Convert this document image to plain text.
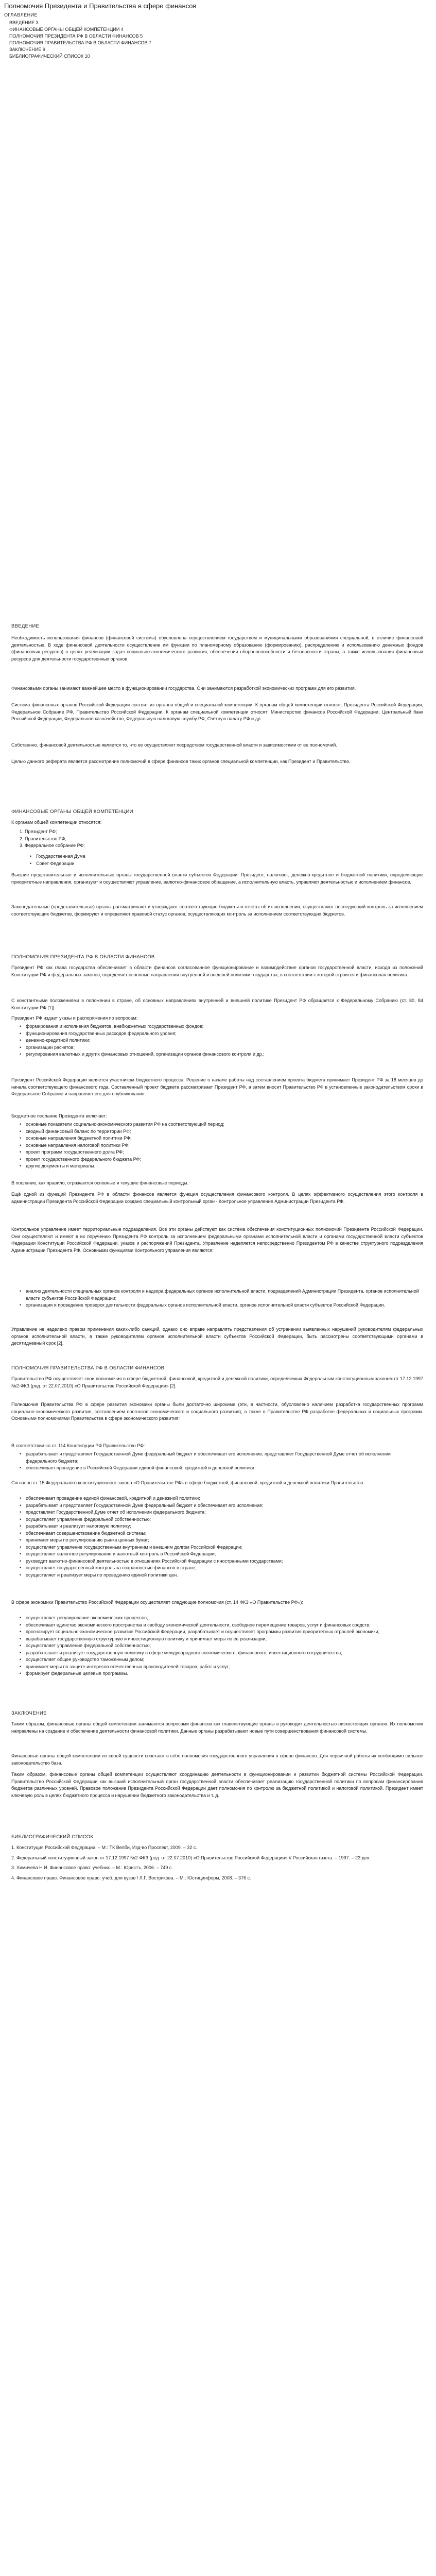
Полномочия Президента и Правительства в сфере финансов
ОГЛАВЛЕНИЕ
ВВЕДЕНИЕ 3
ФИНАНСОВЫЕ ОРГАНЫ ОБЩЕЙ КОМПЕТЕНЦИИ 4
ПОЛНОМОЧИЯ ПРЕЗИДЕНТА РФ В ОБЛАСТИ ФИНАНСОВ 5
ПОЛНОМОЧИЯ ПРАВИТЕЛЬСТВА РФ В ОБЛАСТИ ФИНАНСОВ 7
ЗАКЛЮЧЕНИЕ 9
БИБЛИОГРАФИЧЕСКИЙ СПИСОК 10
ВВЕДЕНИЕ
Необходимость использования финансов (финансовой системы) обусловлена осуществлением государством и муниципальными образованиями специальной, в отличие финансовой деятельностью. В ходе финансовой деятельности осуществление им функции по планомерному образованию (формированию), распределению и использованию денежных фондов (финансовых ресурсов) в целях реализации задач социально-экономического развития, обеспечения обороноспособности и безопасности страны, а также использования финансовых ресурсов для деятельности государственных органов.
Финансовыми органы занимают важнейшее место в функционировании государства. Они занимаются разработкой экономических программ для его развития.
Система финансовых органов Российской Федерации состоит из органов общей и специальной компетенции. К органам общей компетенции относят: Президента Российской Федерации, Федеральное Собрание РФ, Правительство Российской Федерации. К органам специальной компетенции относят: Министерство финансов Российской Федерации, Центральный банк Российской Федерации, Федеральное казначейство, Федеральную налоговую службу РФ, Счётную палату РФ и др.
Собственно, финансовой деятельностью является то, что ее осуществляют посредством государственной власти и зависимостями от ее полномочий.
Целью данного реферата является рассмотрение полномочий в сфере финансов таких органов специальной компетенции, как Президент и Правительство.
ФИНАНСОВЫЕ ОРГАНЫ ОБЩЕЙ КОМПЕТЕНЦИИ
К органам общей компетенции относятся:
1. Президент РФ;
2. Правительство РФ;
3. Федеральное собрание РФ;
• Государственная Дума
• Совет Федерации
Высшие представительные и исполнительные органы государственной власти субъектов Федерации. Президент, налогово-, денежно-кредитное и бюджетной политики, определяющие приоритетные направления, организуют и осуществляют управление, валютно-финансовое обращение, а исполнительную власть, управляют деятельностью и исполнением финансов.
Законодательные (представительные) органы рассматривают и утверждают соответствующие бюджеты и отчеты об их исполнении, осуществляют последующий контроль за исполнением соответствующих бюджетов, формируют и определяют правовой статус органов, осуществляющих контроль за исполнением соответствующих бюджетов.
ПОЛНОМОЧИЯ ПРЕЗИДЕНТА РФ В ОБЛАСТИ ФИНАНСОВ
Президент РФ как глава государства обеспечивает в области финансов согласованное функционирование и взаимодействие органов государственной власти, исходя из положений Конституции РФ и федеральных законов, определяет основные направления внутренней и внешней политики государства, в соответствии с которой строится и финансовая политика.
С константными положениями в положении в стране, об основных направлениях внутренней и внешней политике Президент РФ обращается к Федеральному Собранию (ст. 80, 84 Конституции РФ [1]).
Президент РФ издает указы и распоряжения по вопросам:
• формирования и исполнения бюджетов, внебюджетных государственных фондов;
• функционирования государственных расходов федерального уровня;
• денежно-кредитной политики;
• организации расчетов;
• регулирования валютных и других финансовых отношений, организации органов финансового контроля и др.;
Президент Российской Федерации является участником бюджетного процесса. Решение о начале работы над составлением проекта бюджета принимает Президент РФ за 18 месяцев до начала соответствующего финансового года. Составленный проект бюджета рассматривает Президент РФ, а затем вносит Правительство РФ в установленные законодательством сроки в Федеральное Собрание и направляет его для опубликования.
Бюджетное послание Президента включает:
• основные показатели социально-экономического развития РФ на соответствующий период;
• сводный финансовый баланс по территории РФ;
• основные направления бюджетной политики РФ;
• основные направления налоговой политики РФ;
• проект программ государственного долга РФ;
• проект государственного федерального бюджета РФ;
• другие документы и материалы.
В послание, как правило, отражаются основные и текущие финансовые периоды.
Ещё одной из функций Президента РФ в области финансов является функция осуществления финансового контроля. В целях эффективного осуществления этого контроля в администрации Президента Российской Федерации создано специальный контрольный орган - Контрольное управление Администрации Президента РФ.
Контрольное управление имеет территориальные подразделения. Все эти органы действуют как система обеспечения конституционных полномочий Президента Российской Федерации. Они осуществляют и имеют в их поручению Президента РФ контроль за исполнением федеральными органами исполнительной власти и органами государственной власти субъектов Федерации Конституции Российской Федерации, указов и распоряжений Президента. Управление наделяется непосредственно Президентом РФ в качестве структурного подразделения Администрации Президента РФ. Основными функциями Контрольного управления являются:
• анализ деятельности специальных органов контроля и надзора федеральных органов исполнительной власти, подразделений Администрации Президента, органов исполнительной власти субъектов Российской Федерации;
• организация и проведение проверок деятельности федеральных органов исполнительной власти, органов исполнительной власти субъектов Российской Федерации.
Управление не наделено правом применения каких-либо санкций, однако оно вправе направлять представления об устранении выявленных нарушений руководителям федеральных органов исполнительной власти, а также руководителям органов исполнительной власти субъектов Российской Федерации, быть рассмотрены соответствующими органами в десятидневный срок [2].
ПОЛНОМОЧИЯ ПРАВИТЕЛЬСТВА РФ В ОБЛАСТИ ФИНАНСОВ
Правительство РФ осуществляет свои полномочия в сфере бюджетной, финансовой, кредитной и денежной политики, определяемых Федеральным конституционным законом от 17.12.1997 №2-ФКЗ (ред. от 22.07.2010) «О Правительстве Российской Федерации» [2].
Полномочия Правительства РФ в сфере развития экономики органы были достаточно широкими (эти, в частности, обусловлено наличием разработка государственных программ социально-экономического развития, составлением прогнозов экономического и социального развития), а также в Правительстве РФ разработке федеральных и социальных программ. Основными полномочиями Правительства в сфере экономического развития:
В соответствии со ст. 114 Конституции РФ Правительство РФ:
• разрабатывает и представляет Государственной Думе федеральный бюджет и обеспечивает его исполнение; представляет Государственной Думе отчет об исполнении федерального бюджета;
• обеспечивает проведение в Российской Федерации единой финансовой, кредитной и денежной политики.
Согласно ст. 15 Федерального конституционного закона «О Правительстве РФ» в сфере бюджетной, финансовой, кредитной и денежной политики Правительство:
• обеспечивает проведение единой финансовой, кредитной и денежной политики;
• разрабатывает и представляет Государственной Думе федеральный бюджет и обеспечивает его исполнение;
• представляет Государственной Думе отчет об исполнении федерального бюджета;
• осуществляет управление федеральной собственностью;
• разрабатывает и реализует налоговую политику;
• обеспечивает совершенствование бюджетной системы;
• принимает меры по регулированию рынка ценных бумаг;
• осуществляет управление государственным внутренним и внешним долгом Российской Федерации;
• осуществляет валютное регулирование и валютный контроль в Российской Федерации;
• руководит валютно-финансовой деятельностью в отношениях Российской Федерации с иностранными государствами;
• осуществляет государственный контроль за сохранностью финансов в стране;
• осуществляет и реализует меры по проведению единой политики цен.
В сфере экономики Правительство Российской Федерации осуществляет следующие полномочия (ст. 14 ФКЗ «О Правительстве РФ»):
• осуществляет регулирование экономических процессов;
• обеспечивает единство экономического пространства и свободу экономической деятельности, свободное перемещение товаров, услуг и финансовых средств;
• прогнозирует социально-экономическое развитие Российской Федерации, разрабатывает и осуществляет программы развития приоритетных отраслей экономики;
• вырабатывает государственную структурную и инвестиционную политику и принимает меры по ее реализации;
• осуществляет управление федеральной собственностью;
• разрабатывает и реализует государственную политику в сфере международного экономического, финансового, инвестиционного сотрудничества;
• осуществляет общее руководство таможенным делом;
• принимает меры по защите интересов отечественных производителей товаров, работ и услуг;
• формирует федеральные целевые программы.
ЗАКЛЮЧЕНИЕ
Таким образом, финансовые органы общей компетенции занимаются вопросами финансов как главенствующие органы в руководит деятельностью низкостоящих органов. Их полномочия направлены на создание и обеспечение деятельности финансовой политики. Данные органы разрабатывают новые пути совершенствования финансовой системы.
Финансовые органы общей компетенции по своей сущности сочетают в себе полномочия государственного управления в сфере финансов. Для первичной работы их необходимо сильное законодательство база.
Таким образом, финансовые органы общей компетенции осуществляют координацию деятельности в функционировании и развитии бюджетной системы Российской Федерации. Правительство Российской Федерации как высший исполнительный орган государственной власти обеспечивает реализацию государственной политики по вопросам финансирования бюджетов различных уровней. Правовое положение Президента Российской Федерации дает полномочия по контролю за бюджетной политикой и налоговой политикой. Президент имеет ключевую роль в целях бюджетного процесса и нарушении бюджетного законодательства и т. д.
БИБЛИОГРАФИЧЕСКИЙ СПИСОК
1. Конституция Российской Федерации. – М.: ТК Велби, Изд-во Проспект, 2009. – 32 с.
2. Федеральный конституционный закон от 17.12.1997 №2-ФКЗ (ред. от 22.07.2010) «О Правительстве Российской Федерации» // Российская газета. – 1997. – 23 дек.
3. Химичева Н.И. Финансовое право: учебник. – М.: Юристъ, 2006. – 749 с.
4. Финансовое право. Финансовое право: учеб. для вузов / Л.Г. Вострикова. – М.: Юстицинформ, 2008. – 376 с.
